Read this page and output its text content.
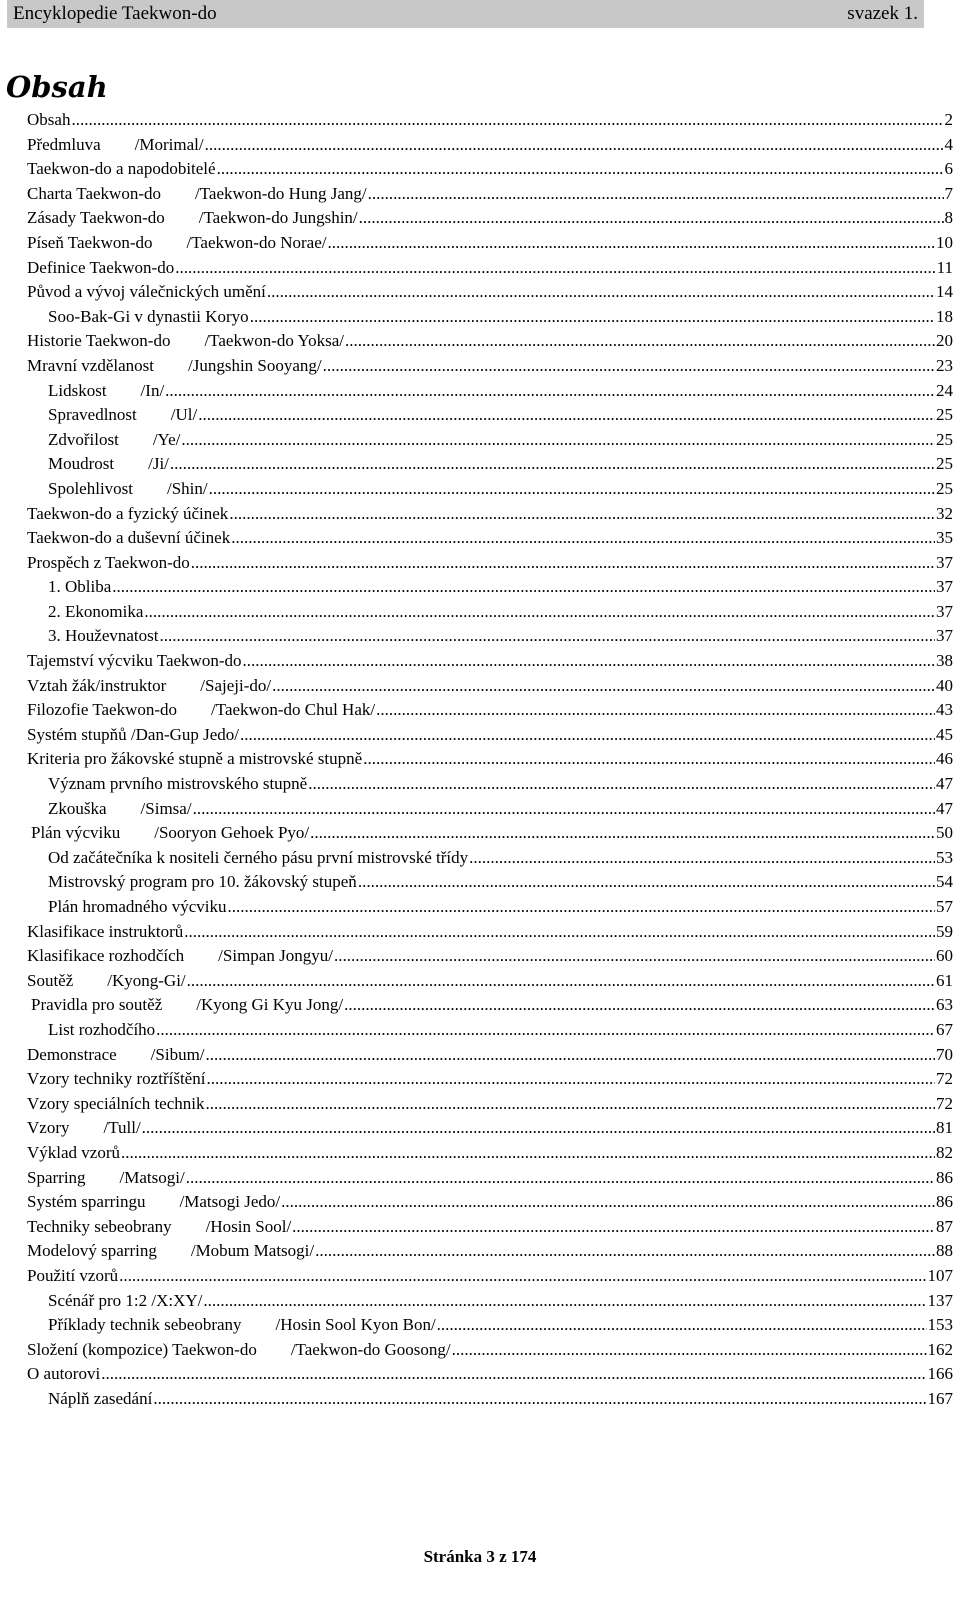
Encyklopedie Taekwon-do	svazek 1.
Obsah
Obsah .....	2
Předmluva        /Morimal/ .....	4
Taekwon-do a napodobitelé .....	6
Charta Taekwon-do        /Taekwon-do Hung Jang/ .....	7
Zásady Taekwon-do        /Taekwon-do Jungshin/ .....	8
Píseň Taekwon-do        /Taekwon-do Norae/ .....	10
Definice Taekwon-do .....	11
Původ a vývoj válečnických umění .....	14
Soo-Bak-Gi v dynastii Koryo .....	18
Historie Taekwon-do        /Taekwon-do Yoksa/ .....	20
Mravní vzdělanost        /Jungshin Sooyang/ .....	23
Lidskost        /In/ .....	24
Spravedlnost        /Ul/ .....	25
Zdvořilost        /Ye/ .....	25
Moudrost        /Ji/ .....	25
Spolehlivost        /Shin/ .....	25
Taekwon-do a fyzický účinek .....	32
Taekwon-do a duševní účinek .....	35
Prospěch z Taekwon-do .....	37
1. Obliba .....	37
2. Ekonomika .....	37
3. Houževnatost .....	37
Tajemství výcviku Taekwon-do .....	38
Vztah žák/instruktor        /Sajeji-do/ .....	40
Filozofie Taekwon-do        /Taekwon-do Chul Hak/ .....	43
Systém stupňů /Dan-Gup Jedo/ .....	45
Kriteria pro žákovské stupně a mistrovské stupně .....	46
Význam prvního mistrovského stupně .....	47
Zkouška        /Simsa/ .....	47
Plán výcviku        /Sooryon Gehoek Pyo/ .....	50
Od začátečníka k nositeli černého pásu první mistrovské třídy .....	53
Mistrovský program pro 10. žákovský stupeň .....	54
Plán hromadného výcviku .....	57
Klasifikace instruktorů .....	59
Klasifikace rozhodčích        /Simpan Jongyu/ .....	60
Soutěž        /Kyong-Gi/ .....	61
Pravidla pro soutěž        /Kyong Gi Kyu Jong/ .....	63
List rozhodčího .....	67
Demonstrace        /Sibum/ .....	70
Vzory techniky roztříštění .....	72
Vzory speciálních technik .....	72
Vzory        /Tull/ .....	81
Výklad vzorů .....	82
Sparring        /Matsogi/ .....	86
Systém sparringu        /Matsogi Jedo/ .....	86
Techniky sebeobrany        /Hosin Sool/ .....	87
Modelový sparring        /Mobum Matsogi/ .....	88
Použití vzorů .....	107
Scénář pro 1:2 /X:XY/ .....	137
Příklady technik sebeobrany        /Hosin Sool Kyon Bon/ .....	153
Složení (kompozice) Taekwon-do        /Taekwon-do Goosong/ .....	162
O autorovi .....	166
Náplň zasedání .....	167
Stránka 3 z 174
